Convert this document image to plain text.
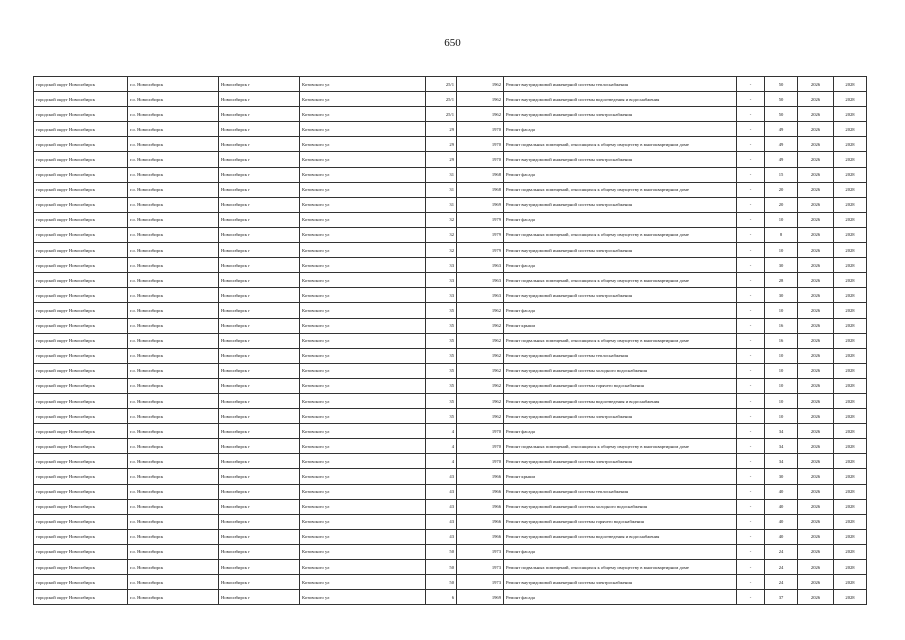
650
городской округ Новосибирск	г.о. Новосибирск	Новосибирск г	Котовского ул	25/1	1962	Ремонт внутридомовой инженерной системы теплоснабжения	-	50	2026	2028
городской округ Новосибирск	г.о. Новосибирск	Новосибирск г	Котовского ул	25/1	1962	Ремонт внутридомовой инженерной системы водоотведения и водоснабжения	-	50	2026	2028
городской округ Новосибирск	г.о. Новосибирск	Новосибирск г	Котовского ул	25/1	1962	Ремонт внутридомовой инженерной системы электроснабжения	-	50	2026	2028
городской округ Новосибирск	г.о. Новосибирск	Новосибирск г	Котовского ул	29	1970	Ремонт фасада	-	49	2026	2028
городской округ Новосибирск	г.о. Новосибирск	Новосибирск г	Котовского ул	29	1970	Ремонт подвальных помещений, относящихся к общему имуществу в многоквартирном доме	-	49	2026	2028
городской округ Новосибирск	г.о. Новосибирск	Новосибирск г	Котовского ул	29	1970	Ремонт внутридомовой инженерной системы электроснабжения	-	49	2026	2028
городской округ Новосибирск	г.о. Новосибирск	Новосибирск г	Котовского ул	31	1968	Ремонт фасада	-	15	2026	2028
городской округ Новосибирск	г.о. Новосибирск	Новосибирск г	Котовского ул	31	1968	Ремонт подвальных помещений, относящихся к общему имуществу в многоквартирном доме	-	20	2026	2028
городской округ Новосибирск	г.о. Новосибирск	Новосибирск г	Котовского ул	31	1969	Ремонт внутридомовой инженерной системы электроснабжения	-	20	2026	2028
городской округ Новосибирск	г.о. Новосибирск	Новосибирск г	Котовского ул	32	1979	Ремонт фасада	-	10	2026	2028
городской округ Новосибирск	г.о. Новосибирск	Новосибирск г	Котовского ул	32	1979	Ремонт подвальных помещений, относящихся к общему имуществу в многоквартирном доме	-	8	2026	2028
городской округ Новосибирск	г.о. Новосибирск	Новосибирск г	Котовского ул	32	1979	Ремонт внутридомовой инженерной системы электроснабжения	-	10	2026	2028
городской округ Новосибирск	г.о. Новосибирск	Новосибирск г	Котовского ул	33	1963	Ремонт фасада	-	30	2026	2028
городской округ Новосибирск	г.о. Новосибирск	Новосибирск г	Котовского ул	33	1963	Ремонт подвальных помещений, относящихся к общему имуществу в многоквартирном доме	-	28	2026	2028
городской округ Новосибирск	г.о. Новосибирск	Новосибирск г	Котовского ул	33	1963	Ремонт внутридомовой инженерной системы электроснабжения	-	30	2026	2028
городской округ Новосибирск	г.о. Новосибирск	Новосибирск г	Котовского ул	35	1962	Ремонт фасада	-	10	2026	2028
городской округ Новосибирск	г.о. Новосибирск	Новосибирск г	Котовского ул	35	1962	Ремонт крыши	-	16	2026	2028
городской округ Новосибирск	г.о. Новосибирск	Новосибирск г	Котовского ул	35	1962	Ремонт подвальных помещений, относящихся к общему имуществу в многоквартирном доме	-	16	2026	2028
городской округ Новосибирск	г.о. Новосибирск	Новосибирск г	Котовского ул	35	1962	Ремонт внутридомовой инженерной системы теплоснабжения	-	10	2026	2028
городской округ Новосибирск	г.о. Новосибирск	Новосибирск г	Котовского ул	35	1962	Ремонт внутридомовой инженерной системы холодного водоснабжения	-	10	2026	2028
городской округ Новосибирск	г.о. Новосибирск	Новосибирск г	Котовского ул	35	1962	Ремонт внутридомовой инженерной системы горячего водоснабжения	-	10	2026	2028
городской округ Новосибирск	г.о. Новосибирск	Новосибирск г	Котовского ул	35	1962	Ремонт внутридомовой инженерной системы водоотведения и водоснабжения	-	10	2026	2028
городской округ Новосибирск	г.о. Новосибирск	Новосибирск г	Котовского ул	35	1962	Ремонт внутридомовой инженерной системы электроснабжения	-	10	2026	2028
городской округ Новосибирск	г.о. Новосибирск	Новосибирск г	Котовского ул	4	1970	Ремонт фасада	-	34	2026	2028
городской округ Новосибирск	г.о. Новосибирск	Новосибирск г	Котовского ул	4	1970	Ремонт подвальных помещений, относящихся к общему имуществу в многоквартирном доме	-	34	2026	2028
городской округ Новосибирск	г.о. Новосибирск	Новосибирск г	Котовского ул	4	1970	Ремонт внутридомовой инженерной системы электроснабжения	-	34	2026	2028
городской округ Новосибирск	г.о. Новосибирск	Новосибирск г	Котовского ул	43	1966	Ремонт крыши	-	30	2026	2028
городской округ Новосибирск	г.о. Новосибирск	Новосибирск г	Котовского ул	43	1966	Ремонт внутридомовой инженерной системы теплоснабжения	-	40	2026	2028
городской округ Новосибирск	г.о. Новосибирск	Новосибирск г	Котовского ул	43	1966	Ремонт внутридомовой инженерной системы холодного водоснабжения	-	40	2026	2028
городской округ Новосибирск	г.о. Новосибирск	Новосибирск г	Котовского ул	43	1966	Ремонт внутридомовой инженерной системы горячего водоснабжения	-	40	2026	2028
городской округ Новосибирск	г.о. Новосибирск	Новосибирск г	Котовского ул	43	1966	Ремонт внутридомовой инженерной системы водоотведения и водоснабжения	-	40	2026	2028
городской округ Новосибирск	г.о. Новосибирск	Новосибирск г	Котовского ул	50	1973	Ремонт фасада	-	24	2026	2028
городской округ Новосибирск	г.о. Новосибирск	Новосибирск г	Котовского ул	50	1973	Ремонт подвальных помещений, относящихся к общему имуществу в многоквартирном доме	-	24	2026	2028
городской округ Новосибирск	г.о. Новосибирск	Новосибирск г	Котовского ул	50	1973	Ремонт внутридомовой инженерной системы электроснабжения	-	24	2026	2028
городской округ Новосибирск	г.о. Новосибирск	Новосибирск г	Котовского ул	6	1969	Ремонт фасада	-	37	2026	2028
